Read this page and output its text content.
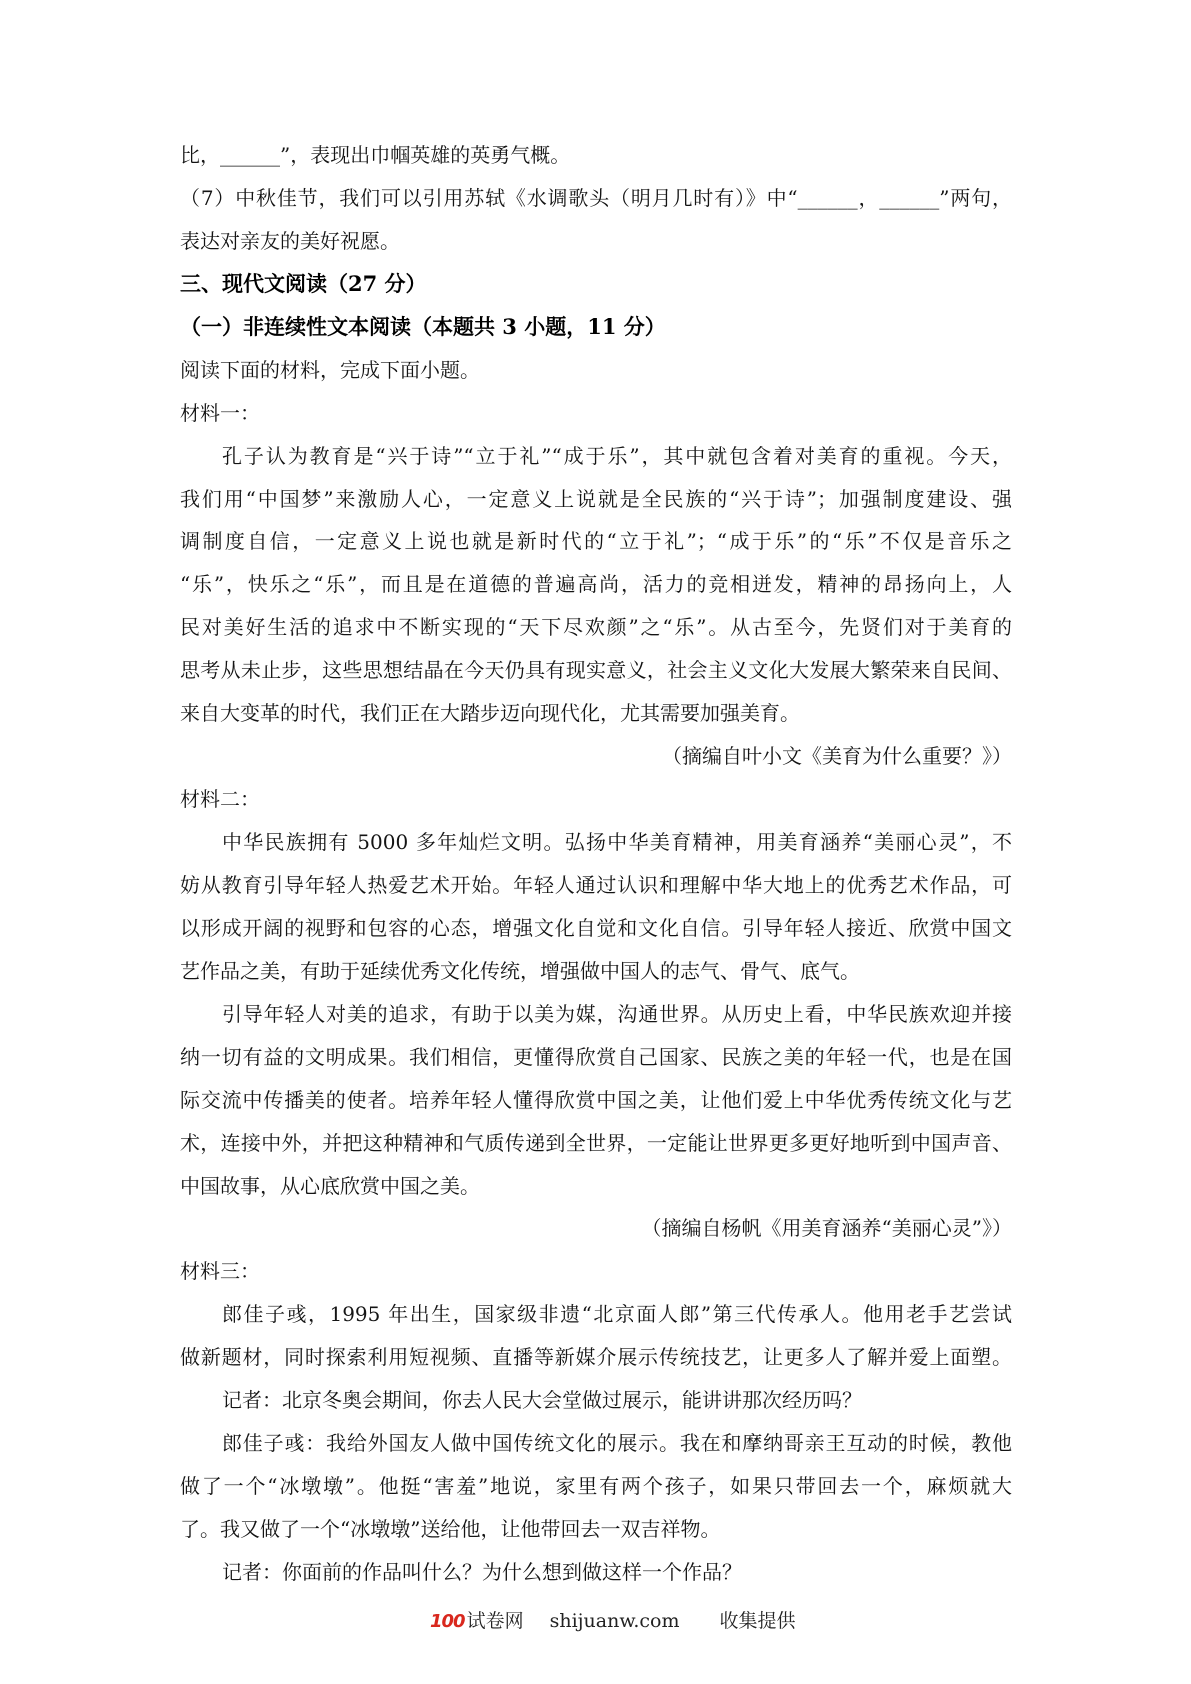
比，______”，表现出巾帼英雄的英勇气概。
（7）中秋佳节，我们可以引用苏轼《水调歌头（明月几时有）》中“______，______”两句，
表达对亲友的美好祝愿。
三、现代文阅读（27 分）
（一）非连续性文本阅读（本题共 3 小题，11 分）
阅读下面的材料，完成下面小题。
材料一：
孔子认为教育是“兴于诗”“立于礼”“成于乐”，其中就包含着对美育的重视。今天，
我们用“中国梦”来激励人心，一定意义上说就是全民族的“兴于诗”；加强制度建设、强
调制度自信，一定意义上说也就是新时代的“立于礼”；“成于乐”的“乐”不仅是音乐之
“乐”，快乐之“乐”，而且是在道德的普遍高尚，活力的竞相迸发，精神的昂扬向上，人
民对美好生活的追求中不断实现的“天下尽欢颜”之“乐”。从古至今，先贤们对于美育的
思考从未止步，这些思想结晶在今天仍具有现实意义，社会主义文化大发展大繁荣来自民间、
来自大变革的时代，我们正在大踏步迈向现代化，尤其需要加强美育。
（摘编自叶小文《美育为什么重要？》）
材料二：
中华民族拥有 5000 多年灿烂文明。弘扬中华美育精神，用美育涵养“美丽心灵”，不
妨从教育引导年轻人热爱艺术开始。年轻人通过认识和理解中华大地上的优秀艺术作品，可
以形成开阔的视野和包容的心态，增强文化自觉和文化自信。引导年轻人接近、欣赏中国文
艺作品之美，有助于延续优秀文化传统，增强做中国人的志气、骨气、底气。
引导年轻人对美的追求，有助于以美为媒，沟通世界。从历史上看，中华民族欢迎并接
纳一切有益的文明成果。我们相信，更懂得欣赏自己国家、民族之美的年轻一代，也是在国
际交流中传播美的使者。培养年轻人懂得欣赏中国之美，让他们爱上中华优秀传统文化与艺
术，连接中外，并把这种精神和气质传递到全世界，一定能让世界更多更好地听到中国声音、
中国故事，从心底欣赏中国之美。
（摘编自杨帆《用美育涵养“美丽心灵”》）
材料三：
郎佳子彧，1995 年出生，国家级非遗“北京面人郎”第三代传承人。他用老手艺尝试
做新题材，同时探索利用短视频、直播等新媒介展示传统技艺，让更多人了解并爱上面塑。
记者：北京冬奥会期间，你去人民大会堂做过展示，能讲讲那次经历吗？
郎佳子彧：我给外国友人做中国传统文化的展示。我在和摩纳哥亲王互动的时候，教他
做了一个“冰墩墩”。他挺“害羞”地说，家里有两个孩子，如果只带回去一个，麻烦就大
了。我又做了一个“冰墩墩”送给他，让他带回去一双吉祥物。
记者：你面前的作品叫什么？为什么想到做这样一个作品？
100 试卷网 shijuanw.com 收集提供
